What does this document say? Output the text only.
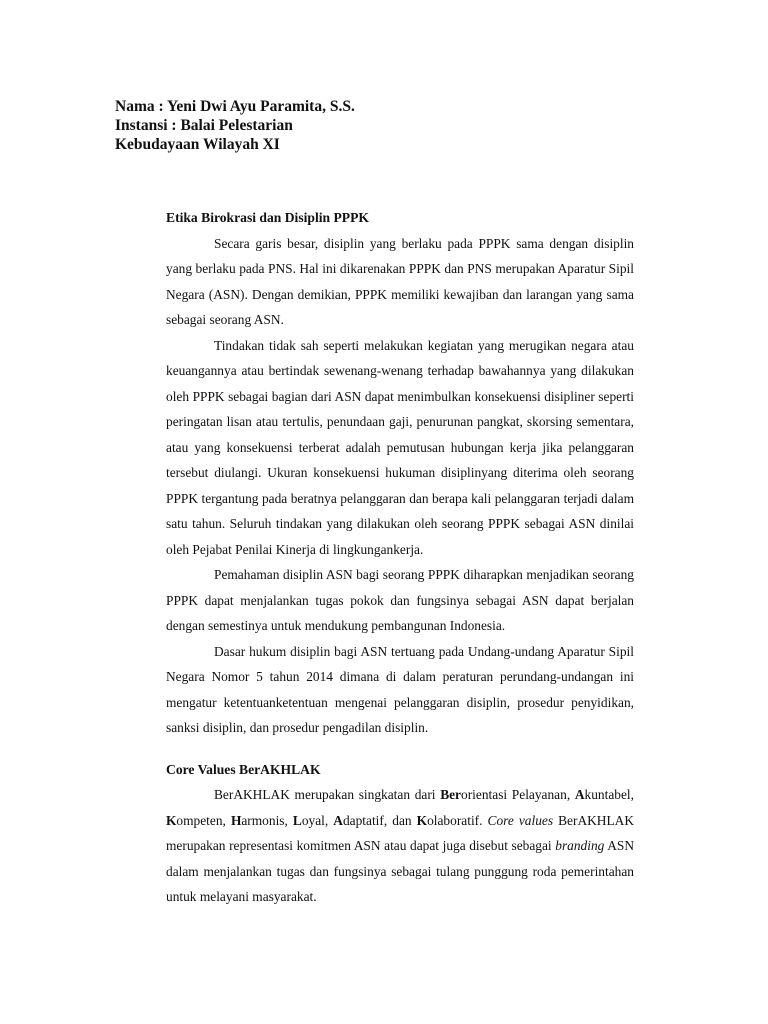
Nama : Yeni Dwi Ayu Paramita, S.S.
Instansi : Balai Pelestarian
Kebudayaan Wilayah XI
Etika Birokrasi dan Disiplin PPPK

Secara garis besar, disiplin yang berlaku pada PPPK sama dengan disiplin yang berlaku pada PNS. Hal ini dikarenakan PPPK dan PNS merupakan Aparatur Sipil Negara (ASN). Dengan demikian, PPPK memiliki kewajiban dan larangan yang sama sebagai seorang ASN.

Tindakan tidak sah seperti melakukan kegiatan yang merugikan negara atau keuangannya atau bertindak sewenang-wenang terhadap bawahannya yang dilakukan oleh PPPK sebagai bagian dari ASN dapat menimbulkan konsekuensi disipliner seperti peringatan lisan atau tertulis, penundaan gaji, penurunan pangkat, skorsing sementara, atau yang konsekuensi terberat adalah pemutusan hubungan kerja jika pelanggaran tersebut diulangi. Ukuran konsekuensi hukuman disiplinyang diterima oleh seorang PPPK tergantung pada beratnya pelanggaran dan berapa kali pelanggaran terjadi dalam satu tahun. Seluruh tindakan yang dilakukan oleh seorang PPPK sebagai ASN dinilai oleh Pejabat Penilai Kinerja di lingkungankerja.

Pemahaman disiplin ASN bagi seorang PPPK diharapkan menjadikan seorang PPPK dapat menjalankan tugas pokok dan fungsinya sebagai ASN dapat berjalan dengan semestinya untuk mendukung pembangunan Indonesia.

Dasar hukum disiplin bagi ASN tertuang pada Undang-undang Aparatur Sipil Negara Nomor 5 tahun 2014 dimana di dalam peraturan perundang-undangan ini mengatur ketentuanketentuan mengenai pelanggaran disiplin, prosedur penyidikan, sanksi disiplin, dan prosedur pengadilan disiplin.

Core Values BerAKHLAK

BerAKHLAK merupakan singkatan dari Berorientasi Pelayanan, Akuntabel, Kompeten, Harmonis, Loyal, Adaptatif, dan Kolaboratif. Core values BerAKHLAK merupakan representasi komitmen ASN atau dapat juga disebut sebagai branding ASN dalam menjalankan tugas dan fungsinya sebagai tulang punggung roda pemerintahan untuk melayani masyarakat.
